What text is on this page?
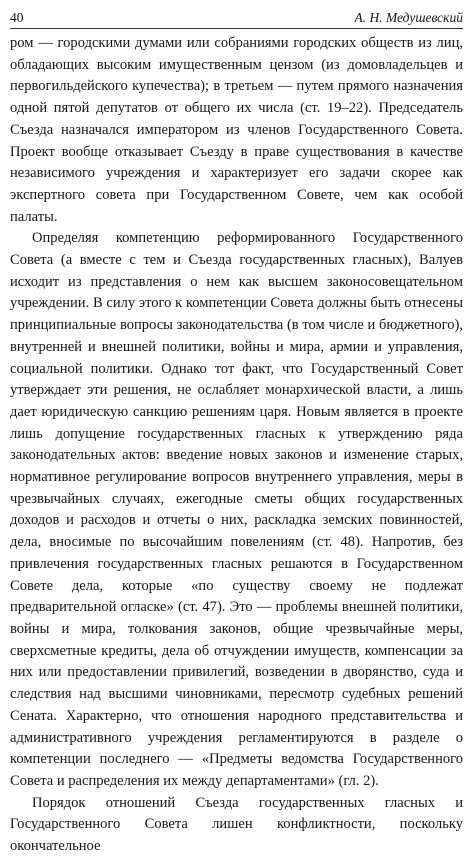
40	А. Н. Медушевский

ром — городскими думами или собраниями городских обществ из лиц, обладающих высоким имущественным цензом (из домовладельцев и первогильдейского купечества); в третьем — путем прямого назначения одной пятой депутатов от общего их числа (ст. 19–22). Председатель Съезда назначался императором из членов Государственного Совета. Проект вообще отказывает Съезду в праве существования в качестве независимого учреждения и характеризует его задачи скорее как экспертного совета при Государственном Совете, чем как особой палаты.

Определяя компетенцию реформированного Государственного Совета (а вместе с тем и Съезда государственных гласных), Валуев исходит из представления о нем как высшем законосовещательном учреждении. В силу этого к компетенции Совета должны быть отнесены принципиальные вопросы законодательства (в том числе и бюджетного), внутренней и внешней политики, войны и мира, армии и управления, социальной политики. Однако тот факт, что Государственный Совет утверждает эти решения, не ослабляет монархической власти, а лишь дает юридическую санкцию решениям царя. Новым является в проекте лишь допущение государственных гласных к утверждению ряда законодательных актов: введение новых законов и изменение старых, нормативное регулирование вопросов внутреннего управления, меры в чрезвычайных случаях, ежегодные сметы общих государственных доходов и расходов и отчеты о них, раскладка земских повинностей, дела, вносимые по высочайшим повелениям (ст. 48). Напротив, без привлечения государственных гласных решаются в Государственном Совете дела, которые «по существу своему не подлежат предварительной огласке» (ст. 47). Это — проблемы внешней политики, войны и мира, толкования законов, общие чрезвычайные меры, сверхсметные кредиты, дела об отчуждении имуществ, компенсации за них или предоставлении привилегий, возведении в дворянство, суда и следствия над высшими чиновниками, пересмотр судебных решений Сената. Характерно, что отношения народного представительства и административного учреждения регламентируются в разделе о компетенции последнего — «Предметы ведомства Государственного Совета и распределения их между департаментами» (гл. 2).

Порядок отношений Съезда государственных гласных и Государственного Совета лишен конфликтности, поскольку окончательное
